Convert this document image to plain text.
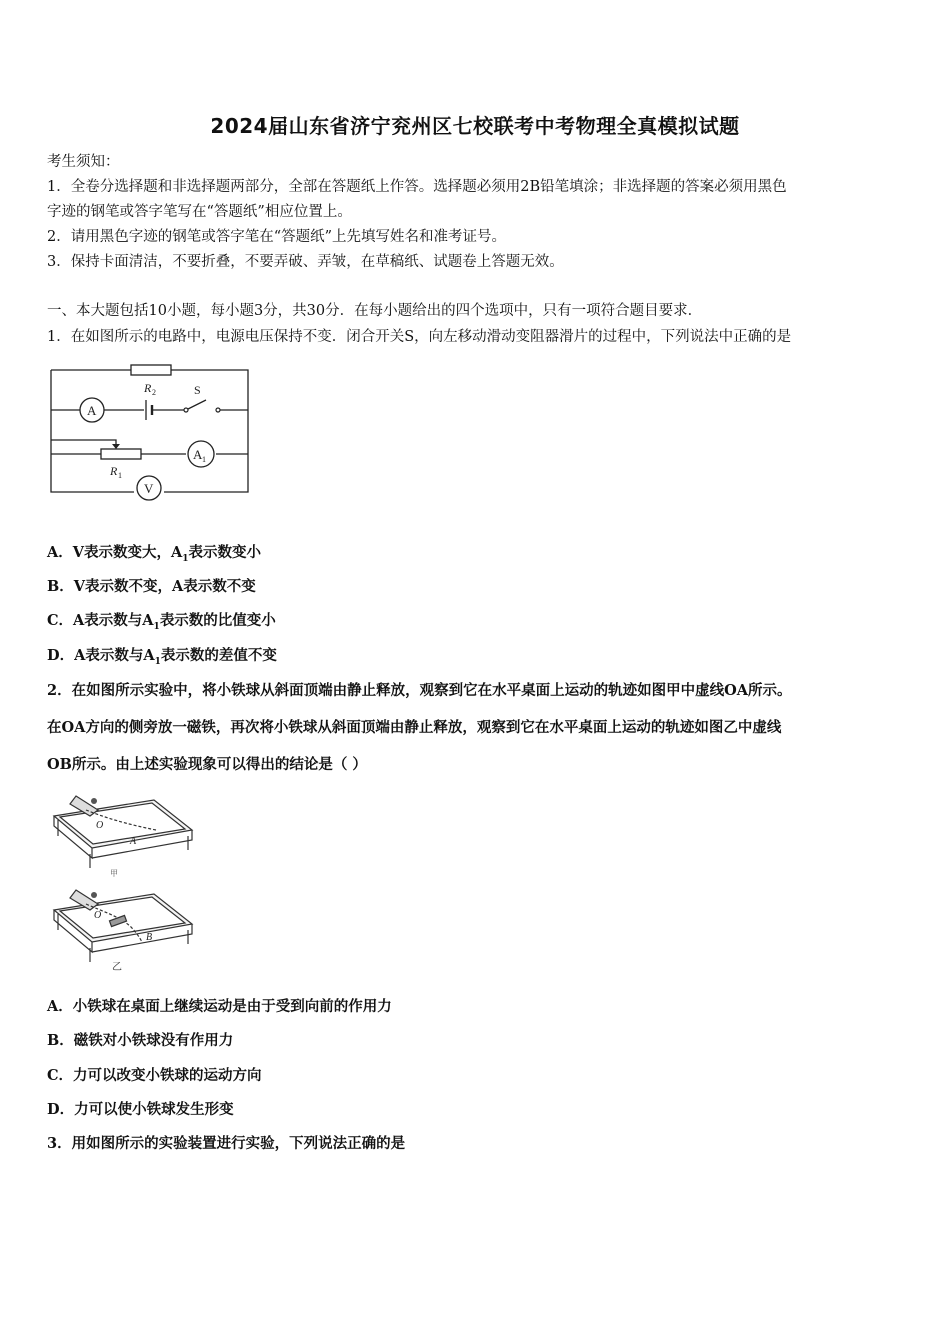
2024届山东省济宁兖州区七校联考中考物理全真模拟试题
考生须知：
1．全卷分选择题和非选择题两部分，全部在答题纸上作答。选择题必须用2B铅笔填涂；非选择题的答案必须用黑色
字迹的钢笔或答字笔写在“答题纸”相应位置上。
2．请用黑色字迹的钢笔或答字笔在“答题纸”上先填写姓名和准考证号。
3．保持卡面清洁，不要折叠，不要弄破、弄皱，在草稿纸、试题卷上答题无效。
一、本大题包括10小题，每小题3分，共30分．在每小题给出的四个选项中，只有一项符合题目要求．
1．在如图所示的电路中，电源电压保持不变．闭合开关S，向左移动滑动变阻器滑片的过程中，下列说法中正确的是
R 2	S
A
A 1
R 1
V
A．V表示数变大，$A_1$表示数变小
B．V表示数不变，A表示数不变
C．A表示数与$A_1$表示数的比值变小
D．A表示数与$A_1$表示数的差值不变
2．在如图所示实验中，将小铁球从斜面顶端由静止释放，观察到它在水平桌面上运动的轨迹如图甲中虚线OA所示。
在OA方向的侧旁放一磁铁，再次将小铁球从斜面顶端由静止释放，观察到它在水平桌面上运动的轨迹如图乙中虚线
OB所示。由上述实验现象可以得出的结论是（ ）
O
A
甲
O
B
乙
A．小铁球在桌面上继续运动是由于受到向前的作用力
B．磁铁对小铁球没有作用力
C．力可以改变小铁球的运动方向
D．力可以使小铁球发生形变
3．用如图所示的实验装置进行实验，下列说法正确的是
